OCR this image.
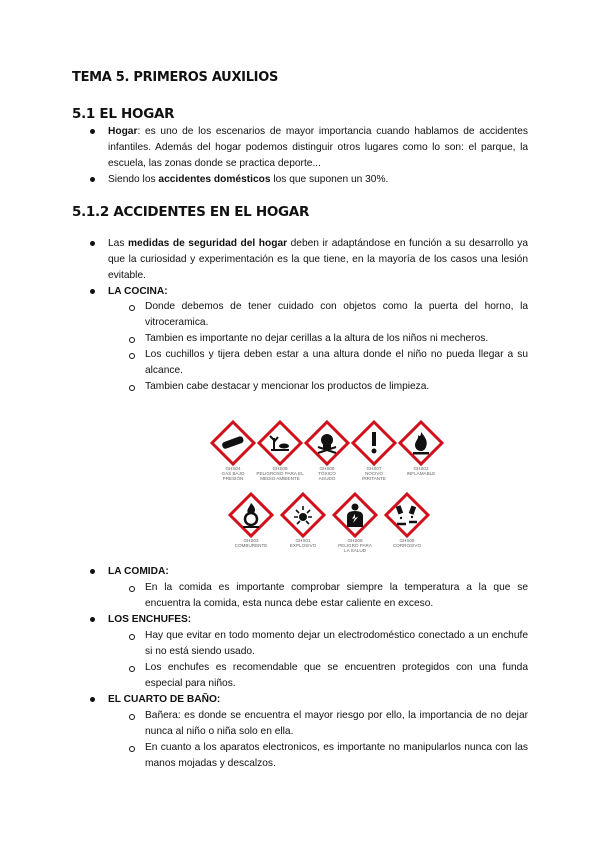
TEMA 5. PRIMEROS AUXILIOS
5.1 EL HOGAR

Hogar: es uno de los escenarios de mayor importancia cuando hablamos de accidentes infantiles. Además del hogar podemos distinguir otros lugares como lo son: el parque, la escuela, las zonas donde se practica deporte...

Siendo los accidentes domésticos los que suponen un 30%.

5.1.2 ACCIDENTES EN EL HOGAR

Las medidas de seguridad del hogar deben ir adaptándose en función a su desarrollo ya que la curiosidad y experimentación es la que tiene, en la mayoría de los casos una lesión evitable.

LA COCINA:

Donde debemos de tener cuidado con objetos como la puerta del horno, la vitroceramica.

Tambien es importante no dejar cerillas a la altura de los niños ni mecheros.

Los cuchillos y tijera deben estar a una altura donde el niño no pueda llegar a su alcance.

Tambien cabe destacar y mencionar los productos de limpieza.

GHS04
GAS BAJO
PRESIÓN
GHS09
PELIGROSO PARA EL
MEDIO AMBIENTE
GHS06
TÓXICO
AGUDO
GHS07
NOCIVO
IRRITANTE
GHS02
INFLAMABLE
GHS03
COMBURENTE
GHS01
EXPLOSIVO
GHS08
PELIGRO PARA
LA SALUD
GHS05
CORROSIVO

LA COMIDA:

En la comida es importante comprobar siempre la temperatura a la que se encuentra la comida, esta nunca debe estar caliente en exceso.

LOS ENCHUFES:

Hay que evitar en todo momento dejar un electrodoméstico conectado a un enchufe si no está siendo usado.

Los enchufes es recomendable que se encuentren protegidos con una funda especial para niños.

EL CUARTO DE BAÑO:

Bañera: es donde se encuentra el mayor riesgo por ello, la importancia de no dejar nunca al niño o niña solo en ella.

En cuanto a los aparatos electronicos, es importante no manipularlos nunca con las manos mojadas y descalzos.
